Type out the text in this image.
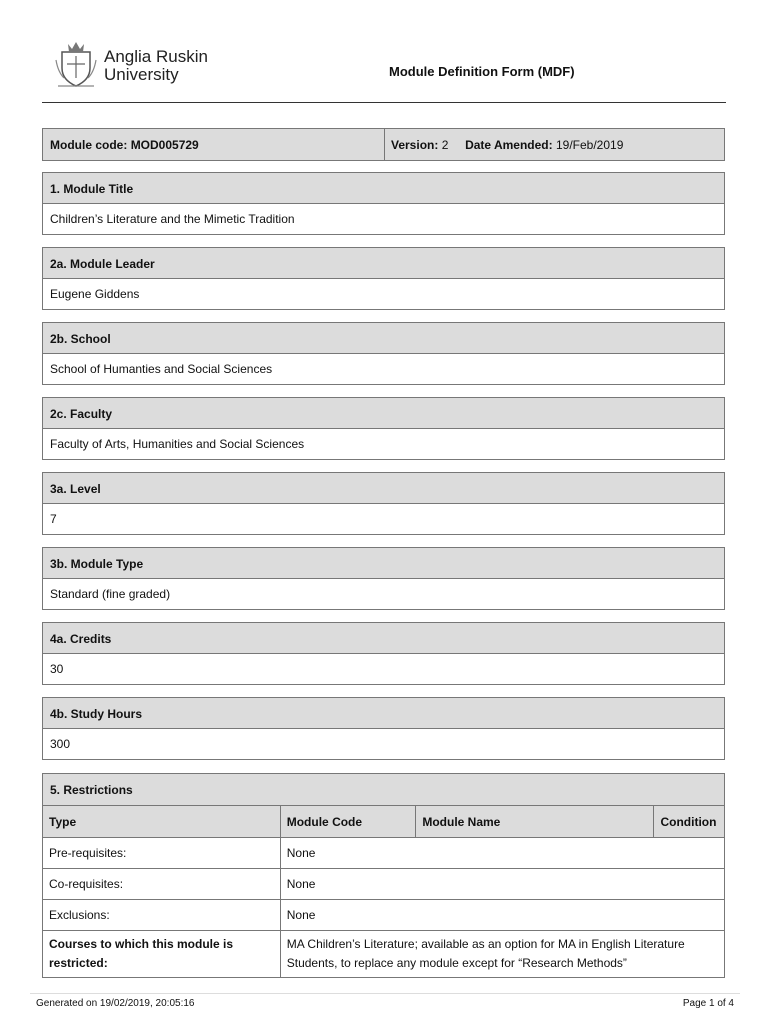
Anglia Ruskin
University	Module Definition Form (MDF)
Module code: MOD005729	Version: 2 Date Amended: 19/Feb/2019
1. Module Title
Children’s Literature and the Mimetic Tradition
2a. Module Leader
Eugene Giddens
2b. School
School of Humanties and Social Sciences
2c. Faculty
Faculty of Arts, Humanities and Social Sciences
3a. Level
7
3b. Module Type
Standard (fine graded)
4a. Credits
30
4b. Study Hours
300
5. Restrictions
Type	Module Code	Module Name	Condition
Pre-requisites:	None		
Co-requisites:	None		
Exclusions:	None		
Courses to which this module is restricted:	MA Children’s Literature; available as an option for MA in English Literature Students, to replace any module except for “Research Methods”		
Generated on 19/02/2019, 20:05:16	Page 1 of 4
